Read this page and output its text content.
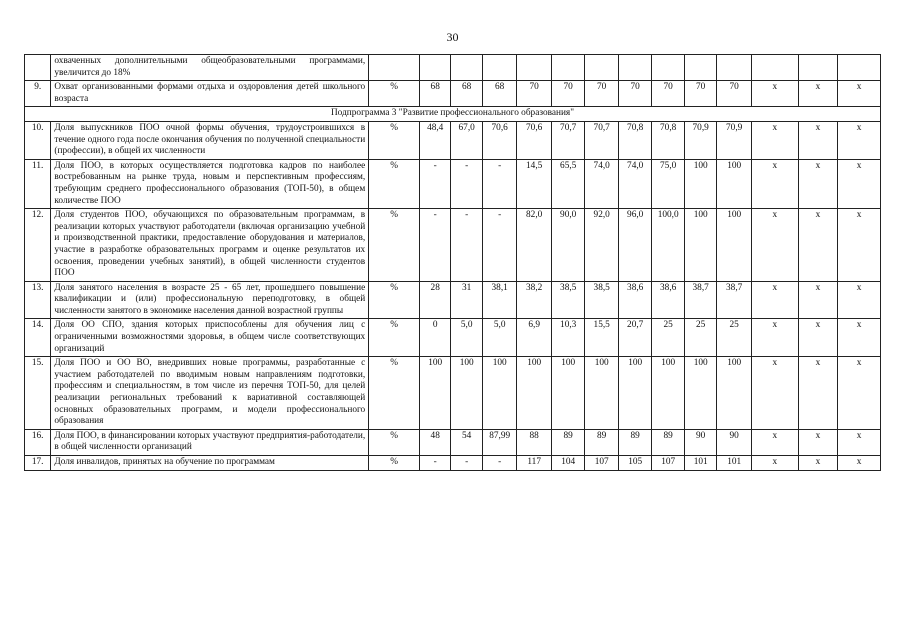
30
	охваченных дополнительными общеобразовательными программами, увеличится до 18%														
9.	Охват организованными формами отдыха и оздоровления детей школьного возраста	%	68	68	68	70	70	70	70	70	70	70	х	х	х
Подпрограмма 3 "Развитие профессионального образования"															
10.	Доля выпускников ПОО очной формы обучения, трудоустроившихся в течение одного года после окончания обучения по полученной специальности (профессии), в общей их численности	%	48,4	67,0	70,6	70,6	70,7	70,7	70,8	70,8	70,9	70,9	х	х	х
11.	Доля ПОО, в которых осуществляется подготовка кадров по наиболее востребованным на рынке труда, новым и перспективным профессиям, требующим среднего профессионального образования (ТОП-50), в общем количестве ПОО	%	-	-	-	14,5	65,5	74,0	74,0	75,0	100	100	х	х	х
12.	Доля студентов ПОО, обучающихся по образовательным программам, в реализации которых участвуют работодатели (включая организацию учебной и производственной практики, предоставление оборудования и материалов, участие в разработке образовательных программ и оценке результатов их освоения, проведении учебных занятий), в общей численности студентов ПОО	%	-	-	-	82,0	90,0	92,0	96,0	100,0	100	100	х	х	х
13.	Доля занятого населения в возрасте 25 - 65 лет, прошедшего повышение квалификации и (или) профессиональную переподготовку, в общей численности занятого в экономике населения данной возрастной группы	%	28	31	38,1	38,2	38,5	38,5	38,6	38,6	38,7	38,7	х	х	х
14.	Доля ОО СПО, здания которых приспособлены для обучения лиц с ограниченными возможностями здоровья, в общем числе соответствующих организаций	%	0	5,0	5,0	6,9	10,3	15,5	20,7	25	25	25	х	х	х
15.	Доля ПОО и ОО ВО, внедривших новые программы, разработанные с участием работодателей по вводимым новым направлениям подготовки, профессиям и специальностям, в том числе из перечня ТОП-50, для целей реализации региональных требований к вариативной составляющей основных образовательных программ, и модели профессионального образования	%	100	100	100	100	100	100	100	100	100	100	х	х	х
16.	Доля ПОО, в финансировании которых участвуют предприятия-работодатели, в общей численности организаций	%	48	54	87,99	88	89	89	89	89	90	90	х	х	х
17.	Доля инвалидов, принятых на обучение по программам	%	-	-	-	117	104	107	105	107	101	101	х	х	х
